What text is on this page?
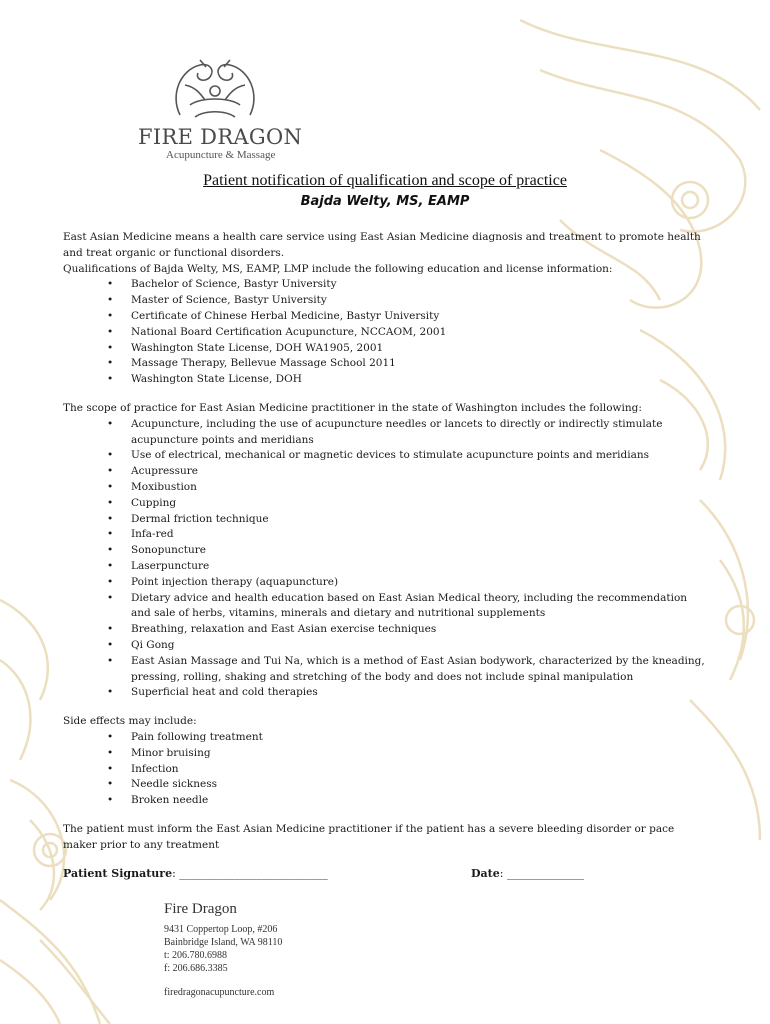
FIRE DRAGON
Acupuncture & Massage
Patient notification of qualification and scope of practice
Bajda Welty, MS, EAMP

East Asian Medicine means a health care service using East Asian Medicine diagnosis and treatment to promote health and treat organic or functional disorders.

Qualifications of Bajda Welty, MS, EAMP, LMP include the following education and license information:

• Bachelor of Science, Bastyr University
• Master of Science, Bastyr University
• Certificate of Chinese Herbal Medicine, Bastyr University
• National Board Certification Acupuncture, NCCAOM, 2001
• Washington State License, DOH WA1905, 2001
• Massage Therapy, Bellevue Massage School 2011
• Washington State License, DOH

The scope of practice for East Asian Medicine practitioner in the state of Washington includes the following:

• Acupuncture, including the use of acupuncture needles or lancets to directly or indirectly stimulate acupuncture points and meridians
• Use of electrical, mechanical or magnetic devices to stimulate acupuncture points and meridians
• Acupressure
• Moxibustion
• Cupping
• Dermal friction technique
• Infa-red
• Sonopuncture
• Laserpuncture
• Point injection therapy (aquapuncture)
• Dietary advice and health education based on East Asian Medical theory, including the recommendation and sale of herbs, vitamins, minerals and dietary and nutritional supplements
• Breathing, relaxation and East Asian exercise techniques
• Qi Gong
• East Asian Massage and Tui Na, which is a method of East Asian bodywork, characterized by the kneading, pressing, rolling, shaking and stretching of the body and does not include spinal manipulation
• Superficial heat and cold therapies

Side effects may include:

• Pain following treatment
• Minor bruising
• Infection
• Needle sickness
• Broken needle

The patient must inform the East Asian Medicine practitioner if the patient has a severe bleeding disorder or pace maker prior to any treatment

Patient Signature: ___________________________	Date: ______________
Fire Dragon
9431 Coppertop Loop, #206
Bainbridge Island, WA 98110
t: 206.780.6988
f: 206.686.3385
firedragonacupuncture.com
